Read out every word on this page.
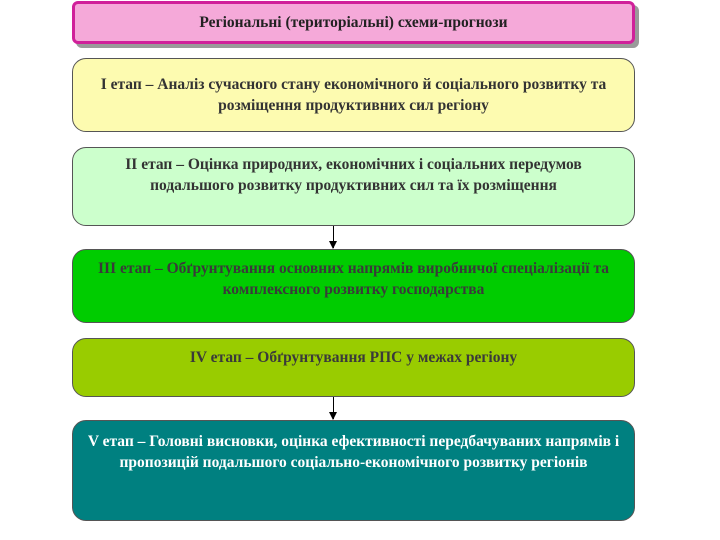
Регіональні (територіальні) схеми-прогнози
I етап – Аналіз сучасного стану економічного й соціального розвитку та розміщення продуктивних сил регіону
II етап – Оцінка природних, економічних і соціальних передумов подальшого розвитку продуктивних сил та їх розміщення
ІІІ етап – Обґрунтування основних напрямів виробничої спеціалізації та комплексного розвитку господарства
IV етап – Обґрунтування РПС у межах регіону
V етап – Головні висновки, оцінка ефективності передбачуваних напрямів і пропозицій подальшого соціально-економічного розвитку регіонів
